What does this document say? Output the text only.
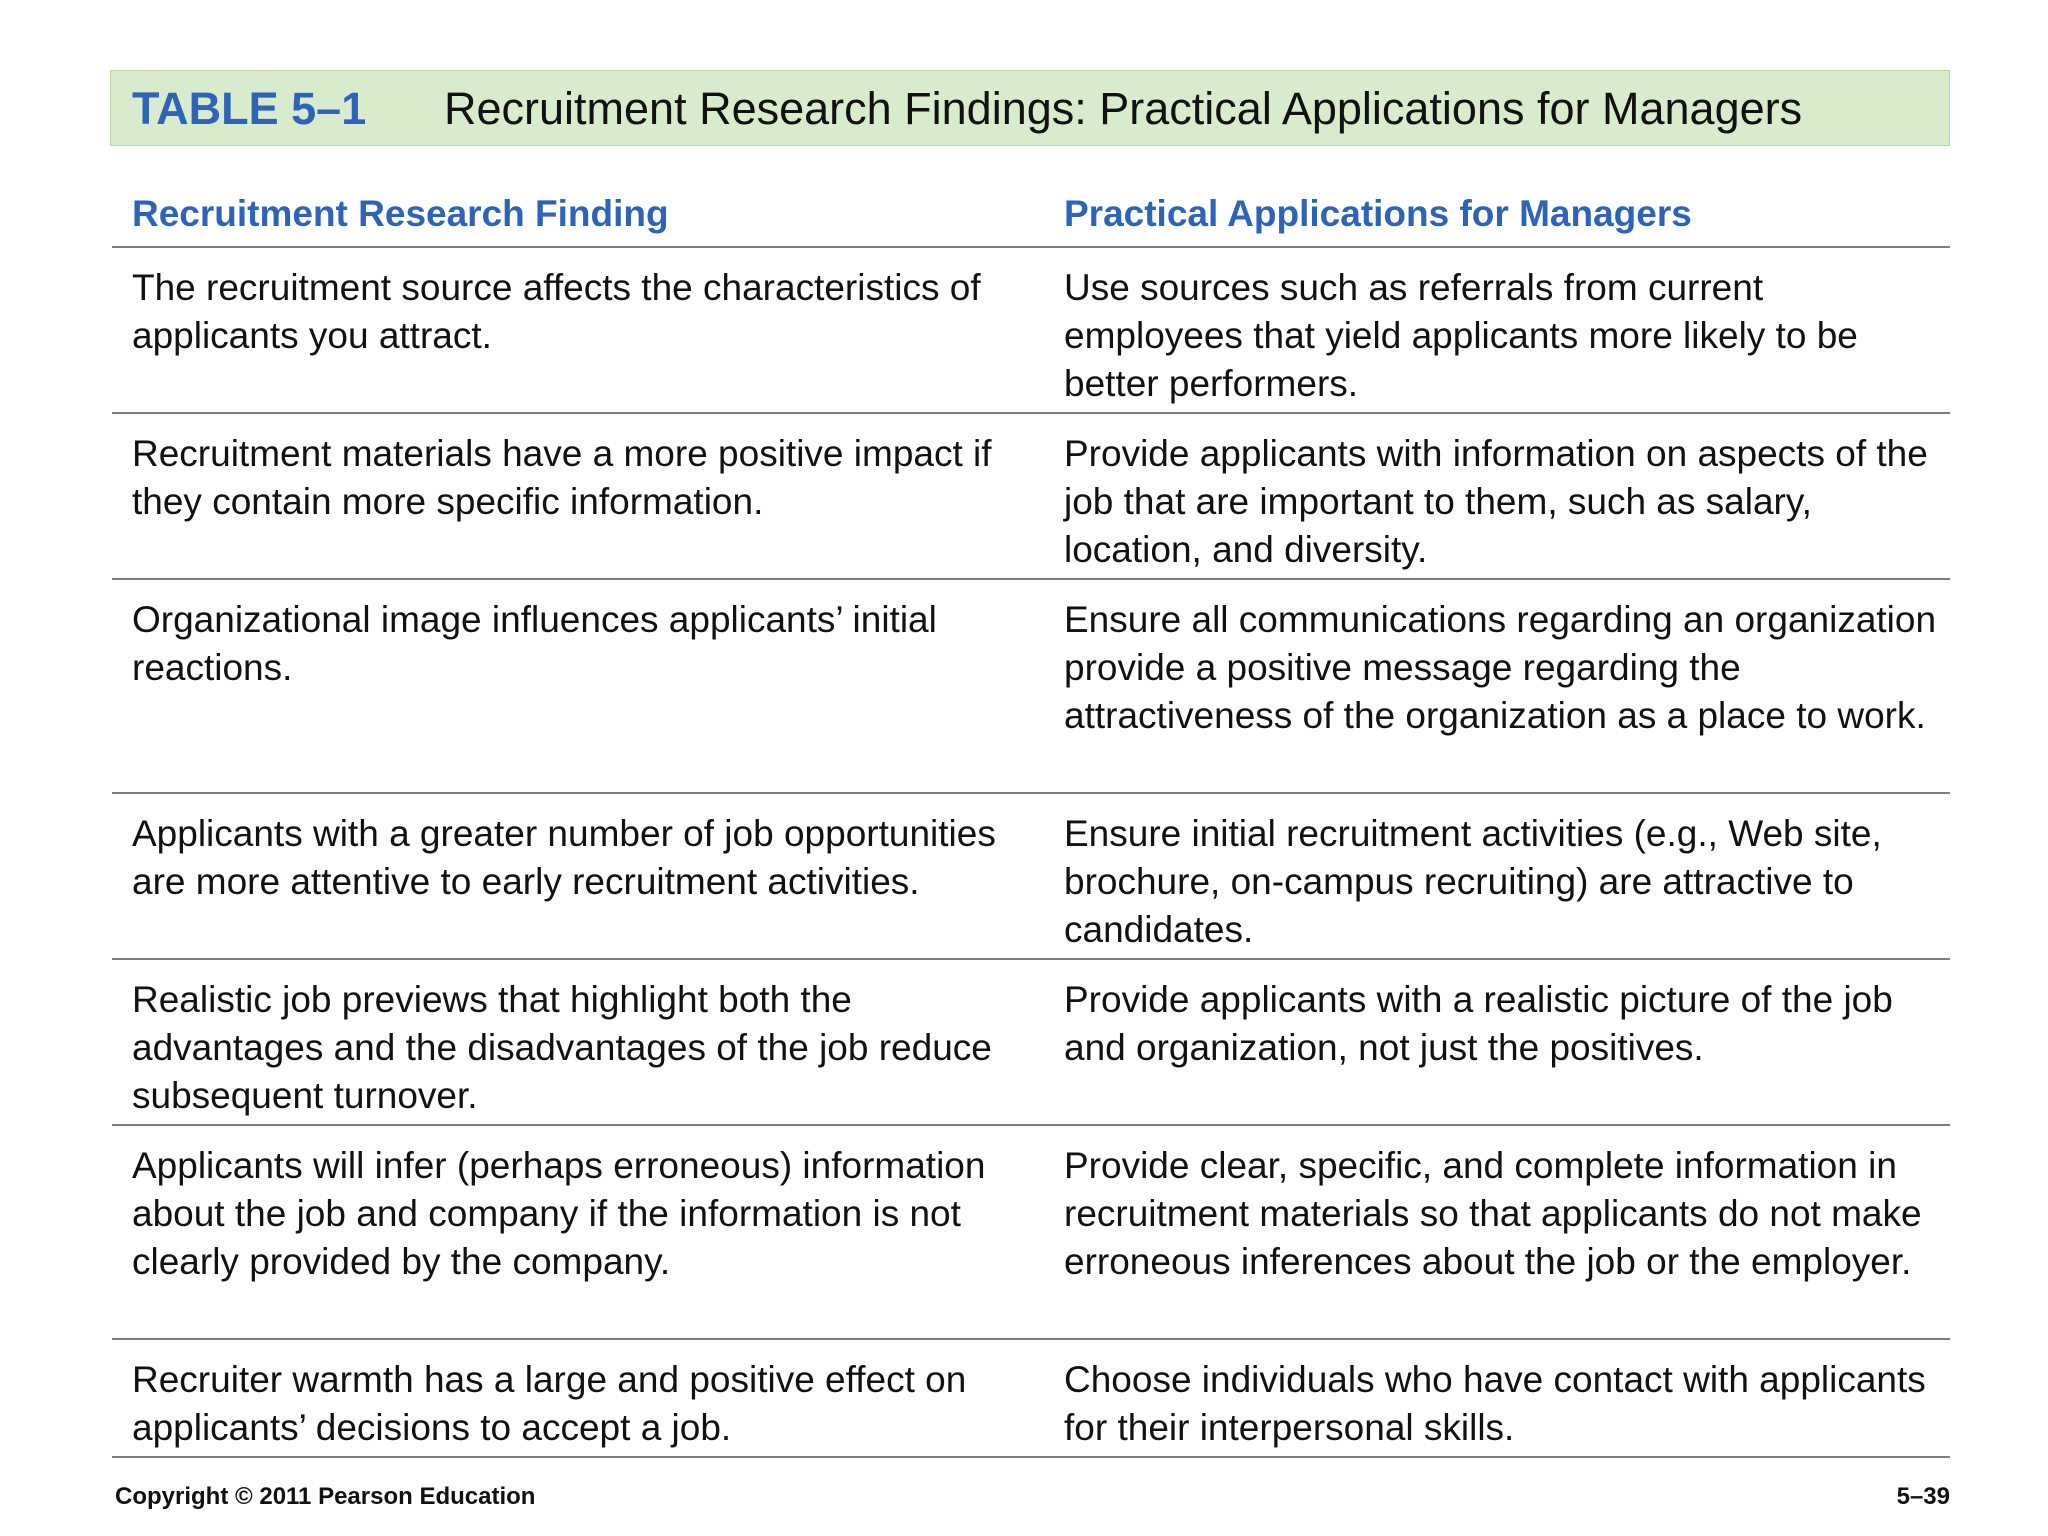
TABLE 5–1 Recruitment Research Findings: Practical Applications for Managers
Recruitment Research Finding	Practical Applications for Managers
The recruitment source affects the characteristics of applicants you attract.
Use sources such as referrals from current employees that yield applicants more likely to be better performers.
Recruitment materials have a more positive impact if they contain more specific information.
Provide applicants with information on aspects of the job that are important to them, such as salary, location, and diversity.
Organizational image influences applicants’ initial reactions.
Ensure all communications regarding an organization provide a positive message regarding the attractiveness of the organization as a place to work.
Applicants with a greater number of job opportunities are more attentive to early recruitment activities.
Ensure initial recruitment activities (e.g., Web site, brochure, on-campus recruiting) are attractive to candidates.
Realistic job previews that highlight both the advantages and the disadvantages of the job reduce subsequent turnover.
Provide applicants with a realistic picture of the job and organization, not just the positives.
Applicants will infer (perhaps erroneous) information about the job and company if the information is not clearly provided by the company.
Provide clear, specific, and complete information in recruitment materials so that applicants do not make erroneous inferences about the job or the employer.
Recruiter warmth has a large and positive effect on applicants’ decisions to accept a job.
Choose individuals who have contact with applicants for their interpersonal skills.
Copyright © 2011 Pearson Education	5–39
